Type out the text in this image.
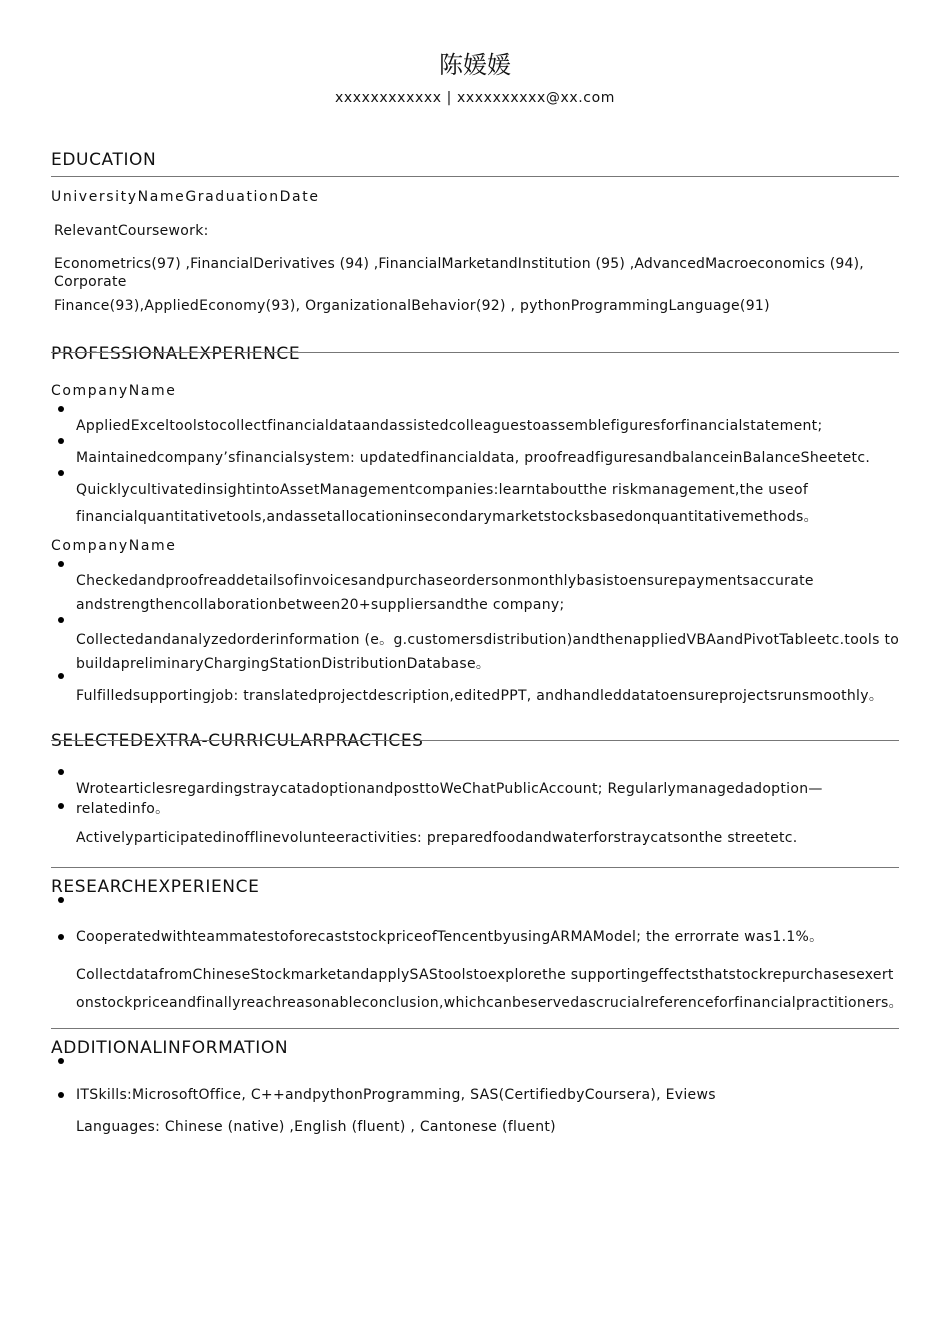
陈媛媛
xxxxxxxxxxxx | xxxxxxxxxx@xx.com
EDUCATION
UniversityNameGraduationDate
RelevantCoursework:
Econometrics(97) ,FinancialDerivatives (94) ,FinancialMarketandInstitution (95) ,AdvancedMacroeconomics (94),
Corporate
Finance(93),AppliedEconomy(93), OrganizationalBehavior(92) , pythonProgrammingLanguage(91)
PROFESSIONALEXPERIENCE
CompanyName
AppliedExceltoolstocollectfinancialdataandassistedcolleaguestoassemblefiguresforfinancialstatement;
Maintainedcompany’sfinancialsystem: updatedfinancialdata, proofreadfiguresandbalanceinBalanceSheetetc.
QuicklycultivatedinsightintoAssetManagementcompanies:learntaboutthe riskmanagement,the useof
financialquantitativetools,andassetallocationinsecondarymarketstocksbasedonquantitativemethods。
CompanyName
Checkedandproofreaddetailsofinvoicesandpurchaseordersonmonthlybasistoensurepaymentsaccurate
andstrengthencollaborationbetween20+suppliersandthe company;
Collectedandanalyzedorderinformation (e。g.customersdistribution)andthenappliedVBAandPivotTableetc.tools to
buildapreliminaryChargingStationDistributionDatabase。
Fulfilledsupportingjob: translatedprojectdescription,editedPPT, andhandleddatatoensureprojectsrunsmoothly。
SELECTEDEXTRA-CURRICULARPRACTICES
WrotearticlesregardingstraycatadoptionandposttoWeChatPublicAccount; Regularlymanagedadoption—
relatedinfo。
Activelyparticipatedinofflinevolunteeractivities: preparedfoodandwaterforstraycatsonthe streetetc.
RESEARCHEXPERIENCE
CooperatedwithteammatestoforecaststockpriceofTencentbyusingARMAModel; the errorrate was1.1%。
CollectdatafromChineseStockmarketandapplySAStoolstoexplorethe supportingeffectsthatstockrepurchasesexert
onstockpriceandfinallyreachreasonableconclusion,whichcanbeservedascrucialreferenceforfinancialpractitioners。
ADDITIONALINFORMATION
ITSkills:MicrosoftOffice, C++andpythonProgramming, SAS(CertifiedbyCoursera), Eviews
Languages: Chinese (native) ,English (fluent) , Cantonese (fluent)
